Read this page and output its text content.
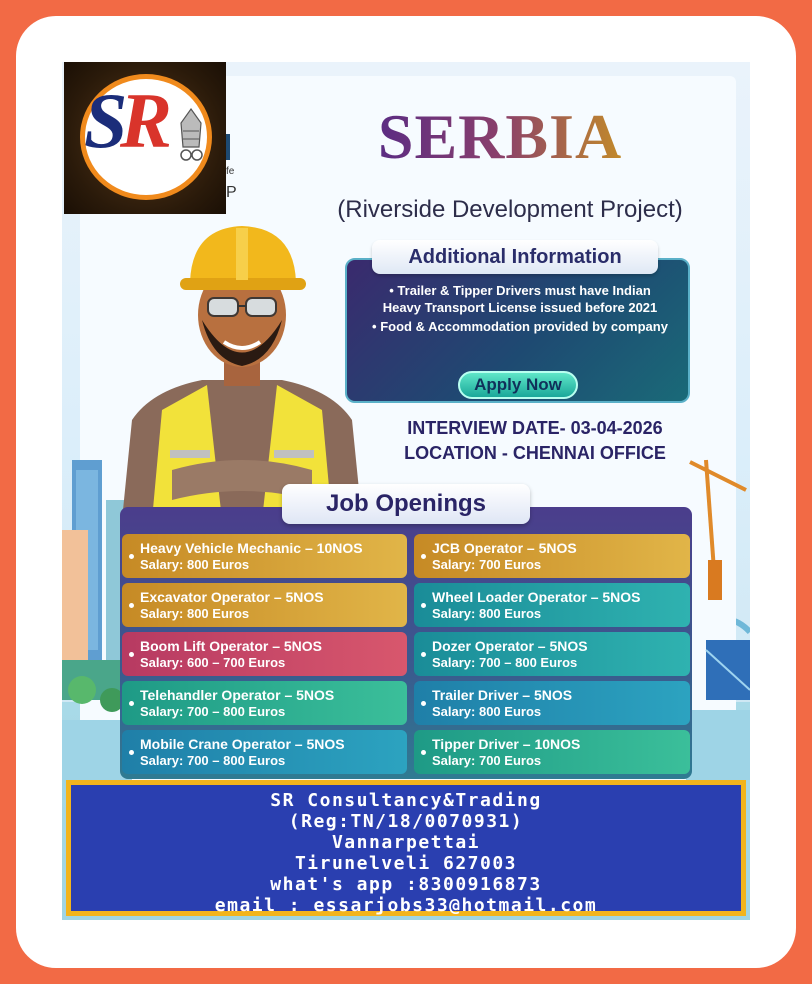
S
R
fe
P
SERBIA
(Riverside Development Project)
Additional Information
• Trailer & Tipper Drivers must have Indian Heavy Transport License issued before 2021
• Food & Accommodation provided by company
Apply Now
INTERVIEW DATE- 03-04-2026
LOCATION - CHENNAI OFFICE
Job Openings
Heavy Vehicle Mechanic – 10NOS
Salary: 800 Euros
JCB Operator – 5NOS
Salary: 700 Euros
Excavator Operator – 5NOS
Salary: 800 Euros
Wheel Loader Operator – 5NOS
Salary: 800 Euros
Boom Lift Operator – 5NOS
Salary: 600 – 700 Euros
Dozer Operator – 5NOS
Salary: 700 – 800 Euros
Telehandler Operator – 5NOS
Salary: 700 – 800 Euros
Trailer Driver – 5NOS
Salary: 800 Euros
Mobile Crane Operator – 5NOS
Salary: 700 – 800 Euros
Tipper Driver – 10NOS
Salary: 700 Euros
SR Consultancy&Trading
(Reg:TN/18/0070931)
Vannarpettai
Tirunelveli 627003
what's app :8300916873
email : essarjobs33@hotmail.com
